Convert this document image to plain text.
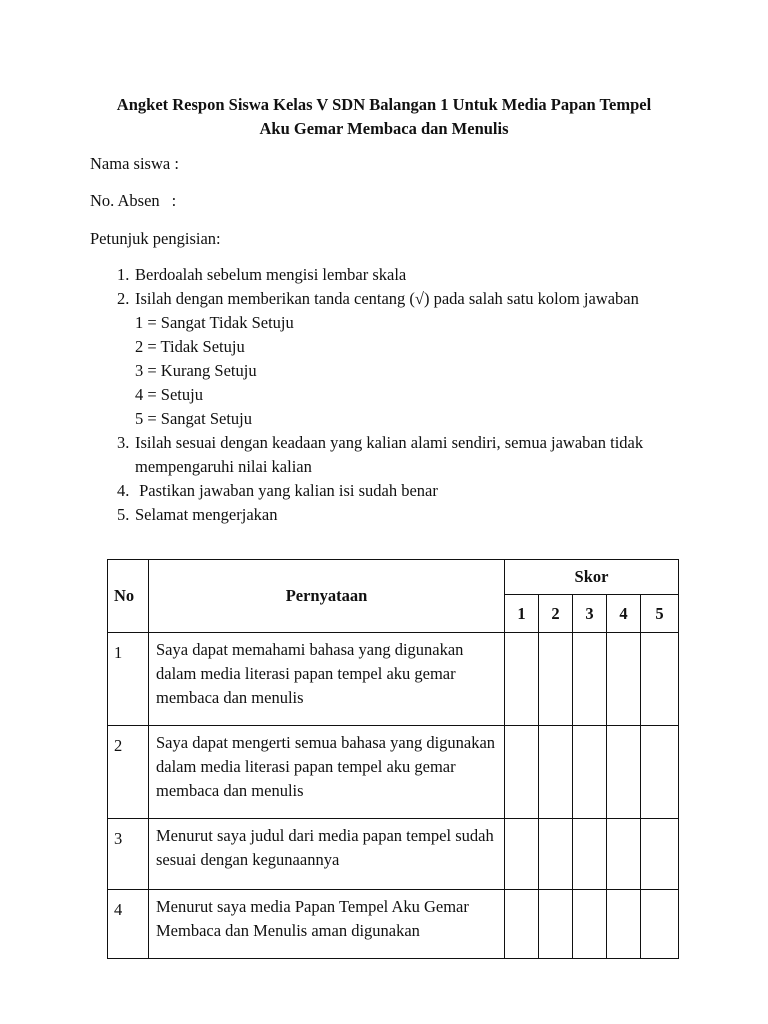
Angket Respon Siswa Kelas V SDN Balangan 1 Untuk Media Papan Tempel
Aku Gemar Membaca dan Menulis
Nama siswa :
No. Absen :
Petunjuk pengisian:
1. Berdoalah sebelum mengisi lembar skala
2. Isilah dengan memberikan tanda centang (√) pada salah satu kolom jawaban
1 = Sangat Tidak Setuju
2 = Tidak Setuju
3 = Kurang Setuju
4 = Setuju
5 = Sangat Setuju
3. Isilah sesuai dengan keadaan yang kalian alami sendiri, semua jawaban tidak
mempengaruhi nilai kalian
4. Pastikan jawaban yang kalian isi sudah benar
5. Selamat mengerjakan
No	Pernyataan	Skor				
		1	2	3	4	5
1	Saya dapat memahami bahasa yang digunakan dalam media literasi papan tempel aku gemar membaca dan menulis					
2	Saya dapat mengerti semua bahasa yang digunakan dalam media literasi papan tempel aku gemar membaca dan menulis					
3	Menurut saya judul dari media papan tempel sudah sesuai dengan kegunaannya					
4	Menurut saya media Papan Tempel Aku Gemar Membaca dan Menulis aman digunakan					
